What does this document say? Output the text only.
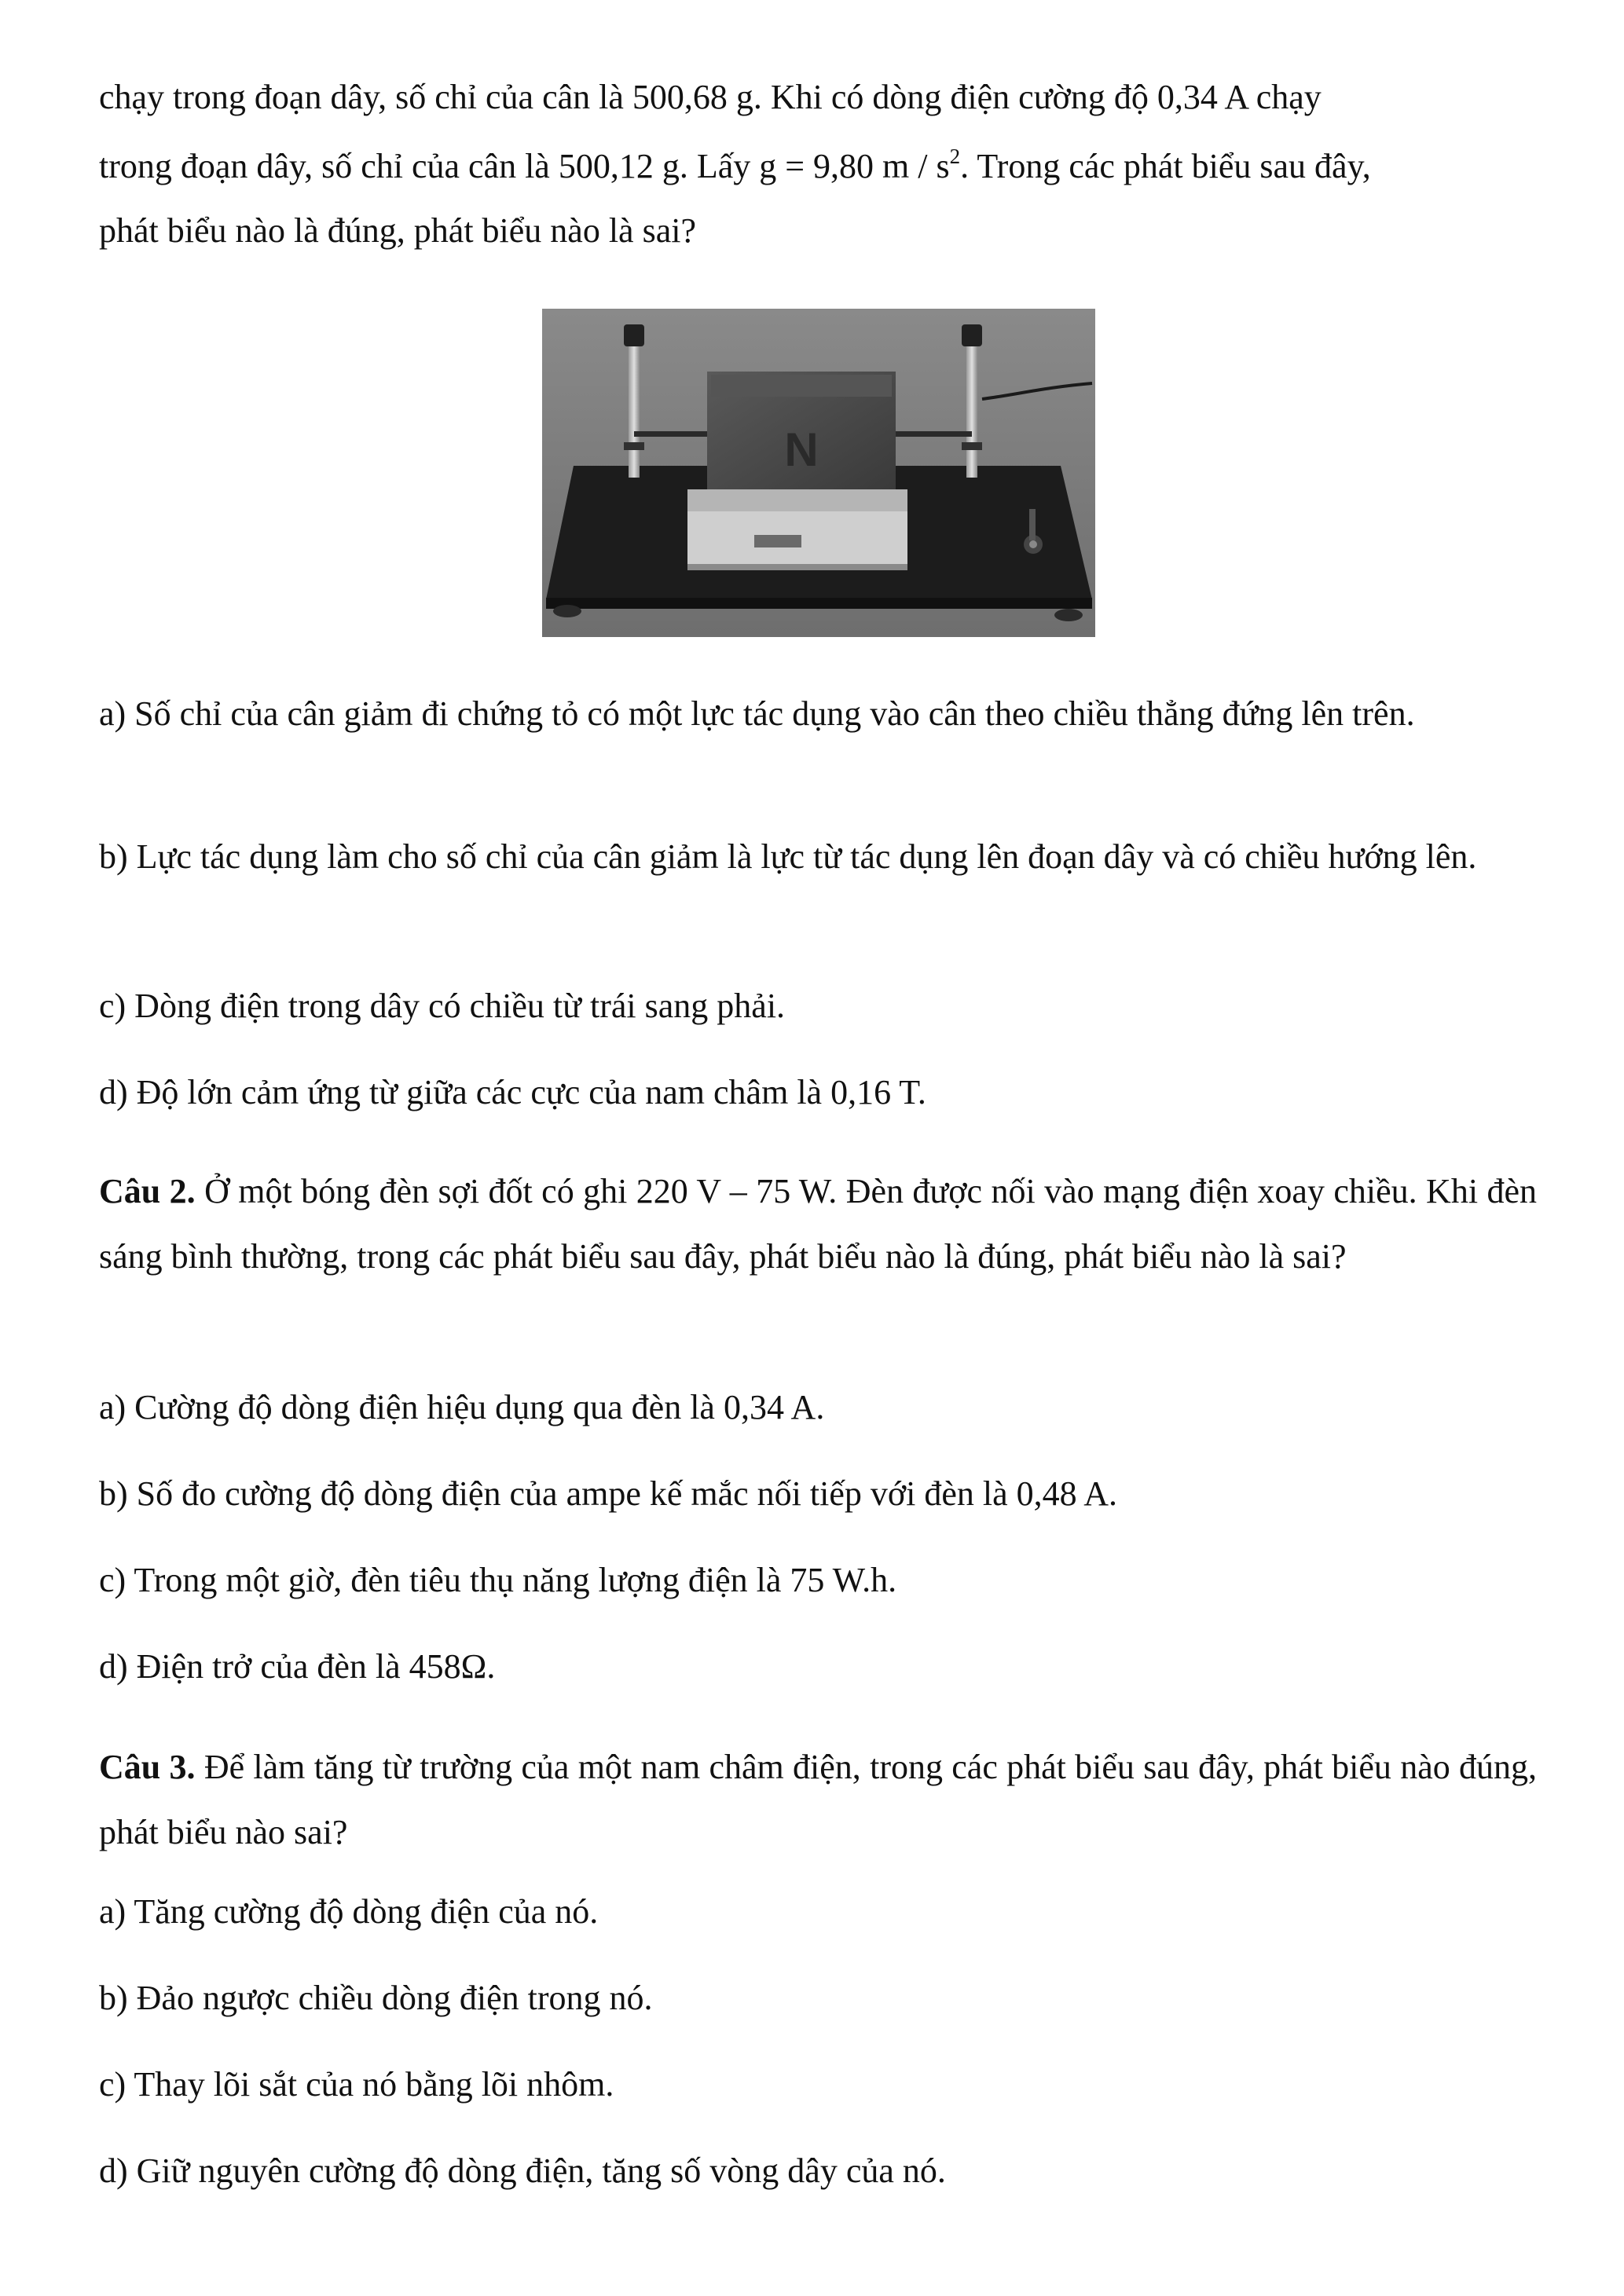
chạy trong đoạn dây, số chỉ của cân là 500,68 g. Khi có dòng điện cường độ 0,34 A chạy

trong đoạn dây, số chỉ của cân là 500,12 g. Lấy g = 9,80 m / $s^2$. Trong các phát biểu sau đây,

phát biểu nào là đúng, phát biểu nào là sai?

N

a) Số chỉ của cân giảm đi chứng tỏ có một lực tác dụng vào cân theo chiều thẳng đứng lên trên.

b) Lực tác dụng làm cho số chỉ của cân giảm là lực từ tác dụng lên đoạn dây và có chiều hướng lên.

c) Dòng điện trong dây có chiều từ trái sang phải.

d) Độ lớn cảm ứng từ giữa các cực của nam châm là 0,16 T.

Câu 2. Ở một bóng đèn sợi đốt có ghi 220 V – 75 W. Đèn được nối vào mạng điện xoay chiều. Khi đèn sáng bình thường, trong các phát biểu sau đây, phát biểu nào là đúng, phát biểu nào là sai?

a) Cường độ dòng điện hiệu dụng qua đèn là 0,34 A.

b) Số đo cường độ dòng điện của ampe kế mắc nối tiếp với đèn là 0,48 A.

c) Trong một giờ, đèn tiêu thụ năng lượng điện là 75 W.h.

d) Điện trở của đèn là 458Ω.

Câu 3. Để làm tăng từ trường của một nam châm điện, trong các phát biểu sau đây, phát biểu nào đúng, phát biểu nào sai?

a) Tăng cường độ dòng điện của nó.

b) Đảo ngược chiều dòng điện trong nó.

c) Thay lõi sắt của nó bằng lõi nhôm.

d) Giữ nguyên cường độ dòng điện, tăng số vòng dây của nó.
